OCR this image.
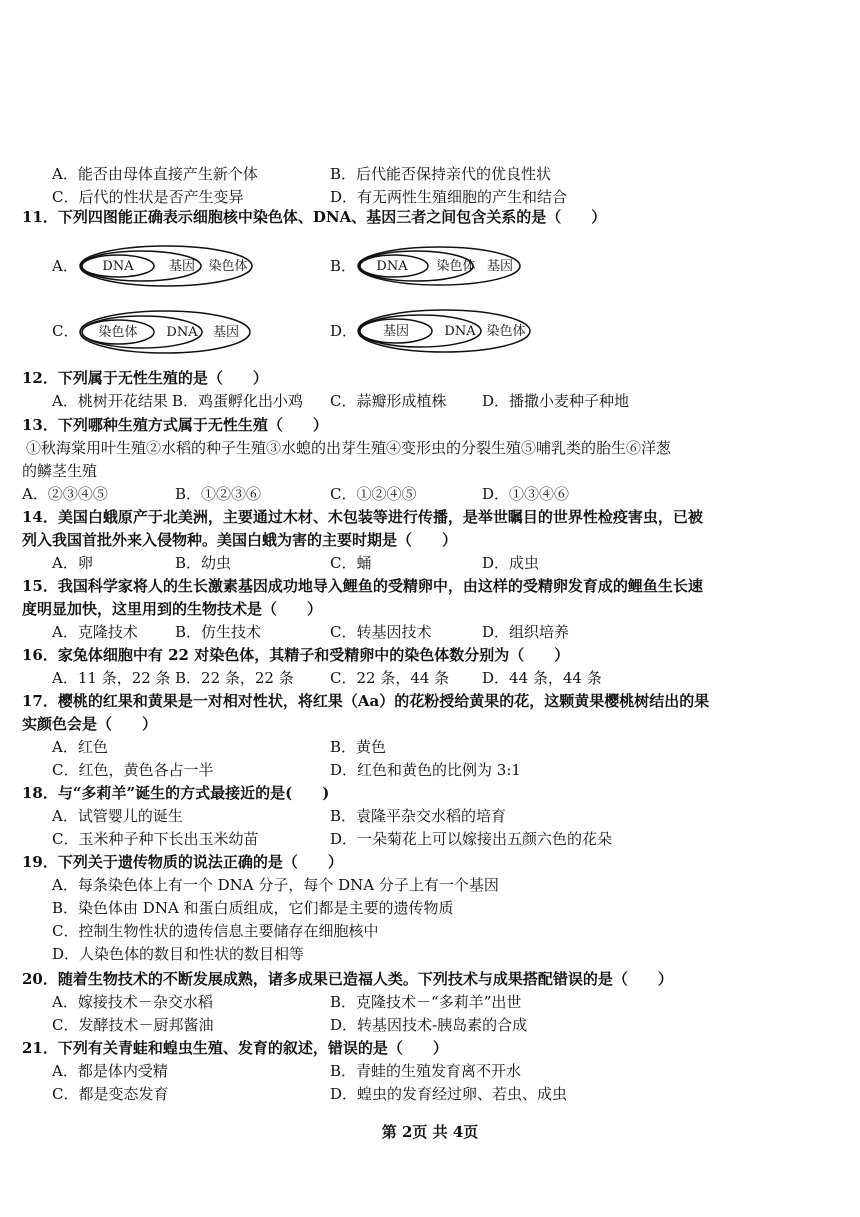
A．能否由母体直接产生新个体	B．后代能否保持亲代的优良性状
C．后代的性状是否产生变异	D．有无两性生殖细胞的产生和结合
11．下列四图能正确表示细胞核中染色体、DNA、基因三者之间包含关系的是（　　）
A． DNA	基因 染色体	B． DNA 染色体 基因
C． 染色体 DNA 基因	D． 基因	DNA 染色体
12．下列属于无性生殖的是（　　）
A．桃树开花结果 B．鸡蛋孵化出小鸡 C．蒜瓣形成植株 D．播撒小麦种子种地
13．下列哪种生殖方式属于无性生殖（　　）
①秋海棠用叶生殖②水稻的种子生殖③水螅的出芽生殖④变形虫的分裂生殖⑤哺乳类的胎生⑥洋葱
的鳞茎生殖
A．②③④⑤	B．①②③⑥	C．①②④⑤	D．①③④⑥
14．美国白蛾原产于北美洲，主要通过木材、木包装等进行传播，是举世瞩目的世界性检疫害虫，已被
列入我国首批外来入侵物种。美国白蛾为害的主要时期是（　　）
A．卵	B．幼虫	C．蛹	D．成虫
15．我国科学家将人的生长激素基因成功地导入鲤鱼的受精卵中，由这样的受精卵发育成的鲤鱼生长速
度明显加快，这里用到的生物技术是（　　）
A．克隆技术 B．仿生技术	C．转基因技术	D．组织培养
16．家兔体细胞中有 22 对染色体，其精子和受精卵中的染色体数分别为（　　）
A．11 条，22 条 B．22 条，22 条 C．22 条，44 条 D．44 条，44 条
17．樱桃的红果和黄果是一对相对性状，将红果（Aa）的花粉授给黄果的花，这颗黄果樱桃树结出的果
实颜色会是（　　）
A．红色	B．黄色
C．红色，黄色各占一半	D．红色和黄色的比例为 3:1
18．与“多莉羊”诞生的方式最接近的是(　　)
A．试管婴儿的诞生	B．袁隆平杂交水稻的培育
C．玉米种子种下长出玉米幼苗	D．一朵菊花上可以嫁接出五颜六色的花朵
19．下列关于遗传物质的说法正确的是（　　）
A．每条染色体上有一个 DNA 分子，每个 DNA 分子上有一个基因
B．染色体由 DNA 和蛋白质组成，它们都是主要的遗传物质
C．控制生物性状的遗传信息主要储存在细胞核中
D．人染色体的数目和性状的数目相等
20．随着生物技术的不断发展成熟，诸多成果已造福人类。下列技术与成果搭配错误的是（　　）
A．嫁接技术－杂交水稻	B．克隆技术－“多莉羊”出世
C．发酵技术－厨邦酱油	D．转基因技术-胰岛素的合成
21．下列有关青蛙和蝗虫生殖、发育的叙述，错误的是（　　）
A．都是体内受精	B．青蛙的生殖发育离不开水
C．都是变态发育	D．蝗虫的发育经过卵、若虫、成虫
第 2页 共 4页
